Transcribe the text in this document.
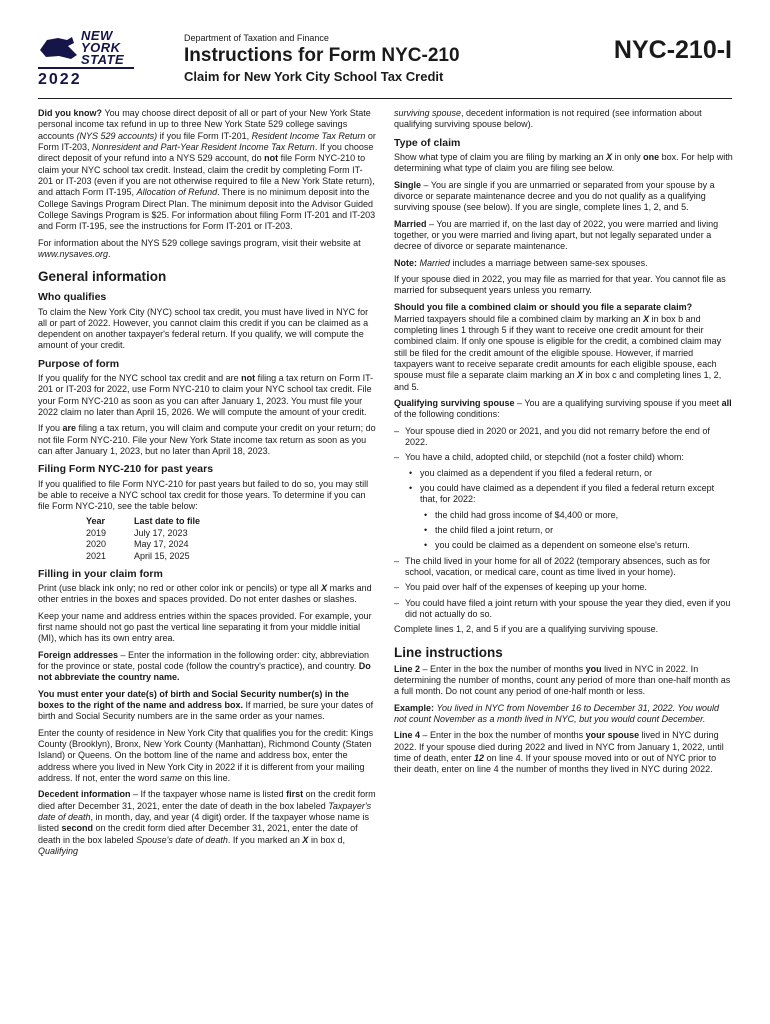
NEW
YORK
STATE
2022
Department of Taxation and Finance
Instructions for Form NYC-210
Claim for New York City School Tax Credit
NYC-210-I

Did you know? You may choose direct deposit of all or part of your New York State personal income tax refund in up to three New York State 529 college savings accounts (NYS 529 accounts) if you file Form IT-201, Resident Income Tax Return or Form IT-203, Nonresident and Part-Year Resident Income Tax Return. If you choose direct deposit of your refund into a NYS 529 account, do not file Form NYC-210 to claim your NYC school tax credit. Instead, claim the credit by completing Form IT-201 or IT-203 (even if you are not otherwise required to file a New York State return), and attach Form IT-195, Allocation of Refund. There is no minimum deposit into the College Savings Program Direct Plan. The minimum deposit into the Advisor Guided College Savings Program is $25. For information about filing Form IT-201 and IT-203 and Form IT-195, see the instructions for Form IT-201 or IT-203.

For information about the NYS 529 college savings program, visit their website at www.nysaves.org.

General information
Who qualifies

To claim the New York City (NYC) school tax credit, you must have lived in NYC for all or part of 2022. However, you cannot claim this credit if you can be claimed as a dependent on another taxpayer's federal return. If you qualify, we will compute the amount of your credit.

Purpose of form

If you qualify for the NYC school tax credit and are not filing a tax return on Form IT-201 or IT-203 for 2022, use Form NYC-210 to claim your NYC school tax credit. File your Form NYC-210 as soon as you can after January 1, 2023. You must file your 2022 claim no later than April 15, 2026. We will compute the amount of your credit.

If you are filing a tax return, you will claim and compute your credit on your return; do not file Form NYC-210. File your New York State income tax return as soon as you can after January 1, 2023, but no later than April 18, 2023.

Filing Form NYC-210 for past years

If you qualified to file Form NYC-210 for past years but failed to do so, you may still be able to receive a NYC school tax credit for those years. To determine if you can file Form NYC-210, see the table below:

Year	Last date to file
2019	July 17, 2023
2020	May 17, 2024
2021	April 15, 2025
Filling in your claim form

Print (use black ink only; no red or other color ink or pencils) or type all X marks and other entries in the boxes and spaces provided. Do not enter dashes or slashes.

Keep your name and address entries within the spaces provided. For example, your first name should not go past the vertical line separating it from your middle initial (MI), which has its own entry area.

Foreign addresses – Enter the information in the following order: city, abbreviation for the province or state, postal code (follow the country's practice), and country. Do not abbreviate the country name.

You must enter your date(s) of birth and Social Security number(s) in the boxes to the right of the name and address box. If married, be sure your dates of birth and Social Security numbers are in the same order as your names.

Enter the county of residence in New York City that qualifies you for the credit: Kings County (Brooklyn), Bronx, New York County (Manhattan), Richmond County (Staten Island) or Queens. On the bottom line of the name and address box, enter the address where you lived in New York City in 2022 if it is different from your mailing address. If not, enter the word same on this line.

Decedent information – If the taxpayer whose name is listed first on the credit form died after December 31, 2021, enter the date of death in the box labeled Taxpayer's date of death, in month, day, and year (4 digit) order. If the taxpayer whose name is listed second on the credit form died after December 31, 2021, enter the date of death in the box labeled Spouse's date of death. If you marked an X in box d, Qualifying

surviving spouse, decedent information is not required (see information about qualifying surviving spouse below).

Type of claim

Show what type of claim you are filing by marking an X in only one box. For help with determining what type of claim you are filing see below.

Single – You are single if you are unmarried or separated from your spouse by a divorce or separate maintenance decree and you do not qualify as a qualifying surviving spouse (see below). If you are single, complete lines 1, 2, and 5.

Married – You are married if, on the last day of 2022, you were married and living together, or you were married and living apart, but not legally separated under a decree of divorce or separate maintenance.

Note: Married includes a marriage between same-sex spouses.

If your spouse died in 2022, you may file as married for that year. You cannot file as married for subsequent years unless you remarry.

Should you file a combined claim or should you file a separate claim?

Married taxpayers should file a combined claim by marking an X in box b and completing lines 1 through 5 if they want to receive one credit amount for their combined claim. If only one spouse is eligible for the credit, a combined claim may still be filed for the credit amount of the eligible spouse. However, if married taxpayers want to receive separate credit amounts for each eligible spouse, each spouse must file a separate claim marking an X in box c and completing lines 1, 2, and 5.

Qualifying surviving spouse – You are a qualifying surviving spouse if you meet all of the following conditions:

– Your spouse died in 2020 or 2021, and you did not remarry before the end of 2022.
– You have a child, adopted child, or stepchild (not a foster child) whom:
• you claimed as a dependent if you filed a federal return, or
• you could have claimed as a dependent if you filed a federal return except that, for 2022:
• the child had gross income of $4,400 or more,
• the child filed a joint return, or
• you could be claimed as a dependent on someone else's return.
– The child lived in your home for all of 2022 (temporary absences, such as for school, vacation, or medical care, count as time lived in your home).
– You paid over half of the expenses of keeping up your home.
– You could have filed a joint return with your spouse the year they died, even if you did not actually do so.

Complete lines 1, 2, and 5 if you are a qualifying surviving spouse.

Line instructions

Line 2 – Enter in the box the number of months you lived in NYC in 2022. In determining the number of months, count any period of more than one-half month as a full month. Do not count any period of one-half month or less.

Example: You lived in NYC from November 16 to December 31, 2022. You would not count November as a month lived in NYC, but you would count December.

Line 4 – Enter in the box the number of months your spouse lived in NYC during 2022. If your spouse died during 2022 and lived in NYC from January 1, 2022, until time of death, enter 12 on line 4. If your spouse moved into or out of NYC prior to their death, enter on line 4 the number of months they lived in NYC during 2022.
